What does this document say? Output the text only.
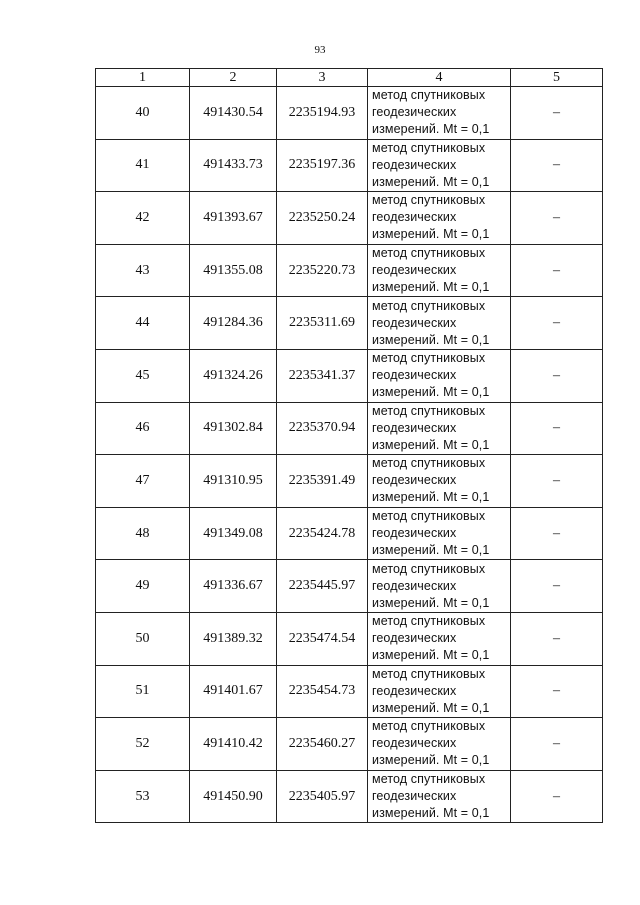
93
1	2	3	4	5
40	491430.54	2235194.93	метод спутниковых
геодезических
измерений. Mt = 0,1	–
41	491433.73	2235197.36	метод спутниковых
геодезических
измерений. Mt = 0,1	–
42	491393.67	2235250.24	метод спутниковых
геодезических
измерений. Mt = 0,1	–
43	491355.08	2235220.73	метод спутниковых
геодезических
измерений. Mt = 0,1	–
44	491284.36	2235311.69	метод спутниковых
геодезических
измерений. Mt = 0,1	–
45	491324.26	2235341.37	метод спутниковых
геодезических
измерений. Mt = 0,1	–
46	491302.84	2235370.94	метод спутниковых
геодезических
измерений. Mt = 0,1	–
47	491310.95	2235391.49	метод спутниковых
геодезических
измерений. Mt = 0,1	–
48	491349.08	2235424.78	метод спутниковых
геодезических
измерений. Mt = 0,1	–
49	491336.67	2235445.97	метод спутниковых
геодезических
измерений. Mt = 0,1	–
50	491389.32	2235474.54	метод спутниковых
геодезических
измерений. Mt = 0,1	–
51	491401.67	2235454.73	метод спутниковых
геодезических
измерений. Mt = 0,1	–
52	491410.42	2235460.27	метод спутниковых
геодезических
измерений. Mt = 0,1	–
53	491450.90	2235405.97	метод спутниковых
геодезических
измерений. Mt = 0,1	–
